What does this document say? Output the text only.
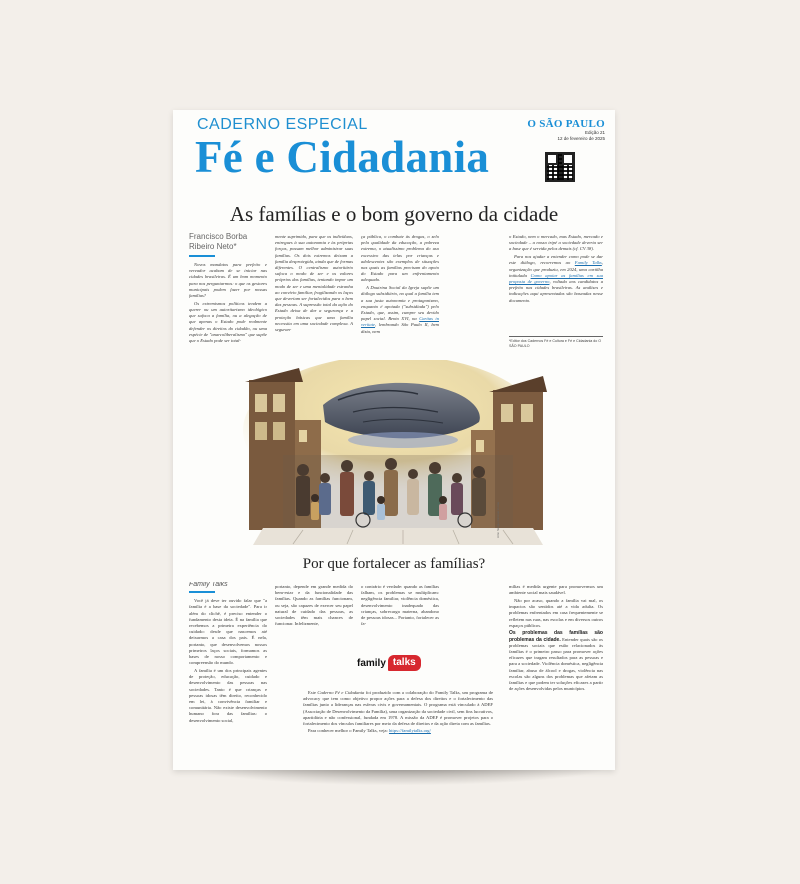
CADERNO ESPECIAL
Fé e Cidadania
O SÃO PAULO
Edição 21
12 de fevereiro de 2025
As famílias e o bom governo da cidade
Francisco Borba
Ribeiro Neto*

Novos mandatos para prefeito e vereador acabam de se iniciar nas cidades brasileiras. É um bom momento para nos perguntarmos: o que os gestores municipais podem fazer por nossas famílias?

Os extremismos políticos tendem a querer ou um autoritarismo ideológico que sufoca a família, ou a alegação de que apenas o Estado pode realmente defender os direitos do cidadão, ou uma espécie de "anarcoliberalismo" que supõe que o Estado pode ser total-

mente suprimido, para que os indivíduos, entregues à sua autonomia e às próprias forças, possam melhor administrar suas famílias. Os dois extremos deixam a família desprotegida, ainda que de formas diferentes. O centralismo autoritário sufoca o modo de ser e os valores próprios das famílias, tentando impor um modo de ser e uma mentalidade estranha ao convívio familiar, fragilizando os laços que deveriam ser fortalecidos para o bem das pessoas. A supressão total da ação do Estado deixa de dar a segurança e a proteção básicas que uma família necessita em uma sociedade complexa. A seguran-

ça pública, o combate às drogas, o zelo pela qualidade da educação, a pobreza extrema, o atualíssimo problema do uso excessivo das telas por crianças e adolescentes são exemplos de situações nas quais as famílias precisam do apoio do Estado para um enfrentamento adequado.

A Doutrina Social da Igreja supõe um diálogo subsidiário, no qual a família tem a sua justa autonomia e protagonismo, enquanto é apoiada ("subsidiada") pelo Estado, que, assim, cumpre seu devido papel social. Bento XVI, na Caritas in veritate, lembrando São Paulo II, bem dizia, nem

o Estado, nem o mercado, mas Estado, mercado e sociedade – a nosso tripé a sociedade deveria ser a base que é servida pelos demais (cf. CV 38).

Para nos ajudar a entender como pode se dar este diálogo, recorremos ao Family Talks, organização que produziu, em 2024, uma cartilha intitulada Como apoiar as famílias em sua proposta de governo, voltada aos candidatos a prefeito nas cidades brasileiras. As análises e indicações aqui apresentadas são baseadas nesse documento.

*Editor dos Cadernos Fé e Cultura e Fé e Cidadania do O SÃO PAULO
Arte: Sérgio Ricciuto Conte
Por que fortalecer as famílias?
Family Talks

Você já deve ter ouvido falar que "a família é a base da sociedade". Para ir além do clichê, é preciso entender o fundamento desta ideia. É na família que recebemos a primeira experiência do cuidado: desde que nascemos até deixarmos a casa dos pais. É nela, portanto, que desenvolvemos nossos primeiros laços sociais, formamos as bases de nosso comportamento e compreensão do mundo.

A família é um dos principais agentes de proteção, educação, cuidado e desenvolvimento das pessoas nas sociedades. Tanto é que crianças e pessoas idosas têm direito, reconhecido em lei, à convivência familiar e comunitária. Não existe desenvolvimento humano fora das famílias: o desenvolvimento social,

portanto, depende em grande medida do bem-estar e da funcionalidade das famílias. Quando as famílias funcionam, ou seja, são capazes de exercer seu papel natural de cuidado das pessoas, as sociedades têm mais chances de funcionar. Infelizmente,

o contrário é verdade: quando as famílias falham, os problemas se multiplicam: negligência familiar, violência doméstica, desenvolvimento inadequado das crianças, sobrecarga materna, abandono de pessoas idosas... Portanto, fortalecer as fa-

mílias é medida urgente para promovermos um ambiente social mais saudável.

Não por acaso, quando a família vai mal, os impactos são sentidos até a vida adulta. Os problemas enfrentados em casa frequentemente se refletem nas ruas, nas escolas e em diversos outros espaços públicos.

Os problemas das famílias são problemas da cidade. Entender quais são os problemas sociais que estão relacionados às famílias é o primeiro passo para promover ações eficazes que tragam resultados para as pessoas e para a sociedade. Violência doméstica, negligência familiar, abuso de álcool e drogas, violência nas escolas são alguns dos problemas que afetam as famílias e que podem ter soluções eficazes a partir de ações desenvolvidas pelos municípios.

family talks

Este Caderno Fé e Cidadania foi produzido com a colaboração do Family Talks, um programa de advocacy que tem como objetivo propor ações para a defesa dos direitos e o fortalecimento das famílias junto a lideranças nas esferas civis e governamentais. O programa está vinculado à ADEF (Associação de Desenvolvimento da Família), uma organização da sociedade civil, sem fins lucrativos, apartidária e não confessional, fundada em 1978. A missão da ADEF é promover projetos para o fortalecimento dos vínculos familiares por meio da defesa de direitos e da ação direta com as famílias.

Para conhecer melhor o Family Talks, veja: https://familytalks.org/
